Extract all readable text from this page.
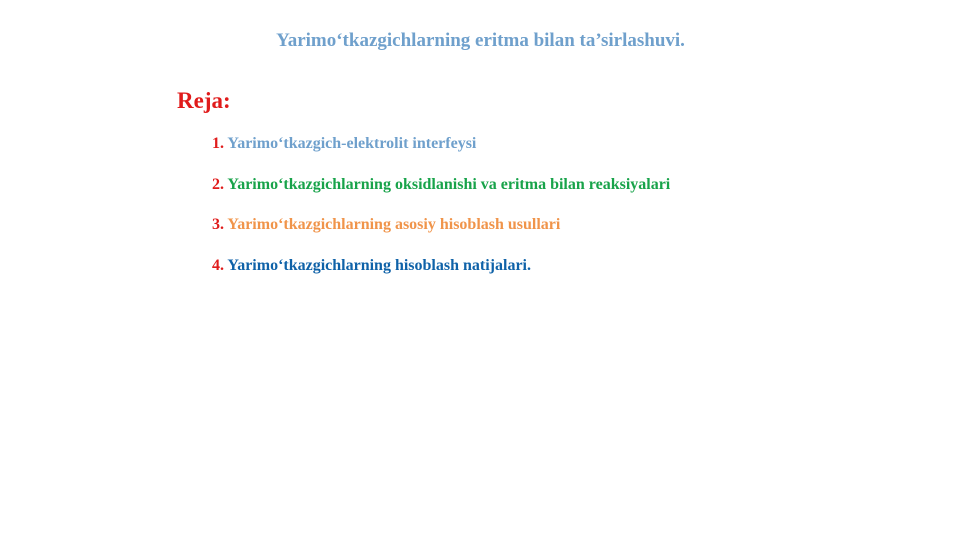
Yarimo‘tkazgichlarning eritma bilan ta’sirlashuvi.
Reja:
1. Yarimo‘tkazgich-elektrolit interfeysi
2. Yarimo‘tkazgichlarning oksidlanishi va eritma bilan reaksiyalari
3. Yarimo‘tkazgichlarning asosiy hisoblash usullari
4. Yarimo‘tkazgichlarning hisoblash natijalari.
